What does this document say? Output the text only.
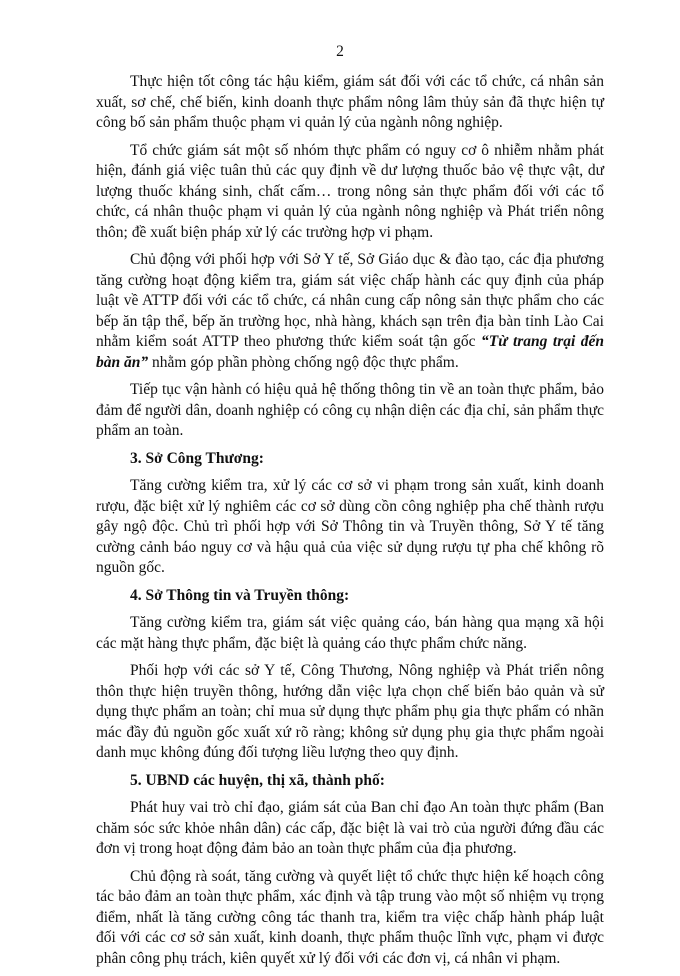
2

Thực hiện tốt công tác hậu kiểm, giám sát đối với các tổ chức, cá nhân sản xuất, sơ chế, chế biến, kinh doanh thực phẩm nông lâm thủy sản đã thực hiện tự công bố sản phẩm thuộc phạm vi quản lý của ngành nông nghiệp.

Tổ chức giám sát một số nhóm thực phẩm có nguy cơ ô nhiễm nhằm phát hiện, đánh giá việc tuân thủ các quy định về dư lượng thuốc bảo vệ thực vật, dư lượng thuốc kháng sinh, chất cấm… trong nông sản thực phẩm đối với các tổ chức, cá nhân thuộc phạm vi quản lý của ngành nông nghiệp và Phát triển nông thôn; đề xuất biện pháp xử lý các trường hợp vi phạm.

Chủ động với phối hợp với Sở Y tế, Sở Giáo dục & đào tạo, các địa phương tăng cường hoạt động kiểm tra, giám sát việc chấp hành các quy định của pháp luật về ATTP đối với các tổ chức, cá nhân cung cấp nông sản thực phẩm cho các bếp ăn tập thể, bếp ăn trường học, nhà hàng, khách sạn trên địa bàn tỉnh Lào Cai nhằm kiểm soát ATTP theo phương thức kiểm soát tận gốc “Từ trang trại đến bàn ăn” nhằm góp phần phòng chống ngộ độc thực phẩm.

Tiếp tục vận hành có hiệu quả hệ thống thông tin về an toàn thực phẩm, bảo đảm để người dân, doanh nghiệp có công cụ nhận diện các địa chỉ, sản phẩm thực phẩm an toàn.

3. Sở Công Thương:

Tăng cường kiểm tra, xử lý các cơ sở vi phạm trong sản xuất, kinh doanh rượu, đặc biệt xử lý nghiêm các cơ sở dùng cồn công nghiệp pha chế thành rượu gây ngộ độc. Chủ trì phối hợp với Sở Thông tin và Truyền thông, Sở Y tế tăng cường cảnh báo nguy cơ và hậu quả của việc sử dụng rượu tự pha chế không rõ nguồn gốc.

4. Sở Thông tin và Truyền thông:

Tăng cường kiểm tra, giám sát việc quảng cáo, bán hàng qua mạng xã hội các mặt hàng thực phẩm, đặc biệt là quảng cáo thực phẩm chức năng.

Phối hợp với các sở Y tế, Công Thương, Nông nghiệp và Phát triển nông thôn thực hiện truyền thông, hướng dẫn việc lựa chọn chế biến bảo quản và sử dụng thực phẩm an toàn; chỉ mua sử dụng thực phẩm phụ gia thực phẩm có nhãn mác đầy đủ nguồn gốc xuất xứ rõ ràng; không sử dụng phụ gia thực phẩm ngoài danh mục không đúng đối tượng liều lượng theo quy định.

5. UBND các huyện, thị xã, thành phố:

Phát huy vai trò chỉ đạo, giám sát của Ban chỉ đạo An toàn thực phẩm (Ban chăm sóc sức khỏe nhân dân) các cấp, đặc biệt là vai trò của người đứng đầu các đơn vị trong hoạt động đảm bảo an toàn thực phẩm của địa phương.

Chủ động rà soát, tăng cường và quyết liệt tổ chức thực hiện kế hoạch công tác bảo đảm an toàn thực phẩm, xác định và tập trung vào một số nhiệm vụ trọng điểm, nhất là tăng cường công tác thanh tra, kiểm tra việc chấp hành pháp luật đối với các cơ sở sản xuất, kinh doanh, thực phẩm thuộc lĩnh vực, phạm vi được phân công phụ trách, kiên quyết xử lý đối với các đơn vị, cá nhân vi phạm.
